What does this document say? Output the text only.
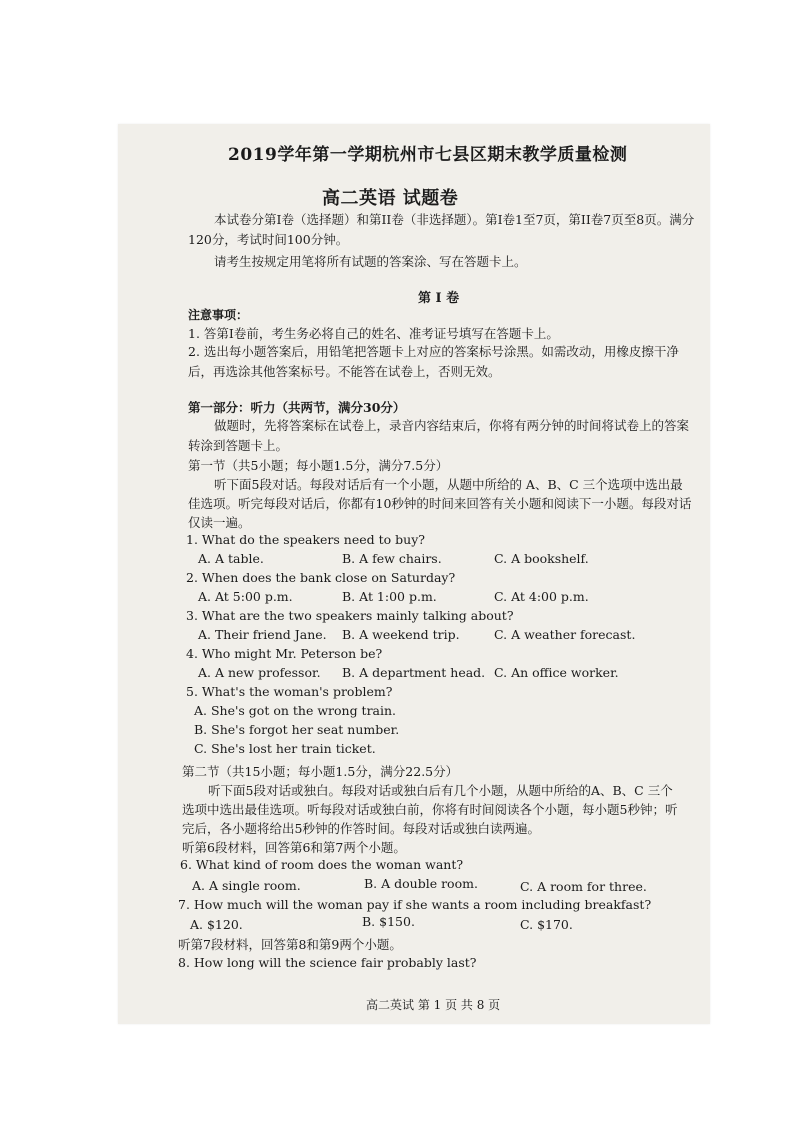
2019学年第一学期杭州市七县区期末教学质量检测
高二英语 试题卷
本试卷分第I卷（选择题）和第II卷（非选择题）。第I卷1至7页，第II卷7页至8页。满分
120分，考试时间100分钟。
请考生按规定用笔将所有试题的答案涂、写在答题卡上。
第 I 卷
注意事项：
1. 答第I卷前，考生务必将自己的姓名、准考证号填写在答题卡上。
2. 选出每小题答案后，用铅笔把答题卡上对应的答案标号涂黑。如需改动，用橡皮擦干净
后，再选涂其他答案标号。不能答在试卷上，否则无效。
第一部分：听力（共两节，满分30分）
做题时，先将答案标在试卷上，录音内容结束后，你将有两分钟的时间将试卷上的答案
转涂到答题卡上。
第一节（共5小题；每小题1.5分，满分7.5分）
听下面5段对话。每段对话后有一个小题，从题中所给的 A、B、C 三个选项中选出最
佳选项。听完每段对话后，你都有10秒钟的时间来回答有关小题和阅读下一小题。每段对话
仅读一遍。
1. What do the speakers need to buy?
A. A table.	B. A few chairs.	C. A bookshelf.
2. When does the bank close on Saturday?
A. At 5:00 p.m.	B. At 1:00 p.m.	C. At 4:00 p.m.
3. What are the two speakers mainly talking about?
A. Their friend Jane. B. A weekend trip.	C. A weather forecast.
4. Who might Mr. Peterson be?
A. A new professor. B. A department head. C. An office worker.
5. What's the woman's problem?
A. She's got on the wrong train.
B. She's forgot her seat number.
C. She's lost her train ticket.
第二节（共15小题；每小题1.5分，满分22.5分）
听下面5段对话或独白。每段对话或独白后有几个小题，从题中所给的A、B、C 三个
选项中选出最佳选项。听每段对话或独白前，你将有时间阅读各个小题，每小题5秒钟；听
完后，各小题将给出5秒钟的作答时间。每段对话或独白读两遍。
听第6段材料，回答第6和第7两个小题。
6. What kind of room does the woman want?
A. A single room.	B. A double room.	C. A room for three.
7. How much will the woman pay if she wants a room including breakfast?
A. $120.	B. $150.	C. $170.
听第7段材料，回答第8和第9两个小题。
8. How long will the science fair probably last?
高二英试 第 1 页 共 8 页
